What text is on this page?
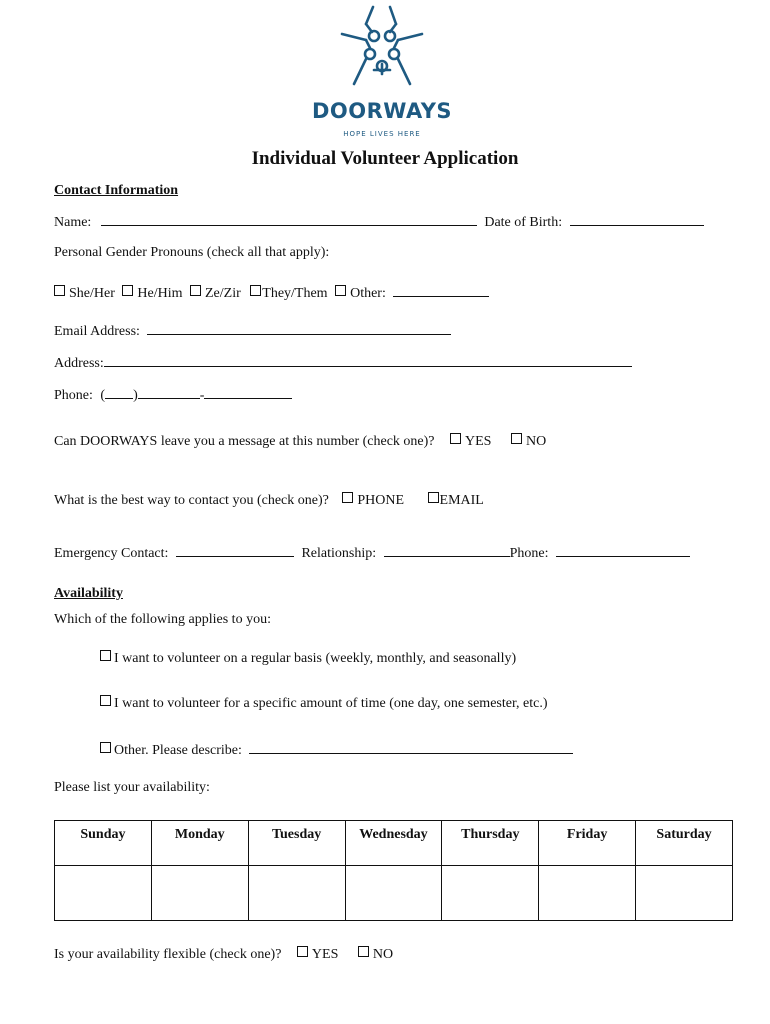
DOORWAYS
HOPE LIVES HERE
Individual Volunteer Application
Contact Information
Name:	Date of Birth:
Personal Gender Pronouns (check all that apply):
She/Her He/Him Ze/Zir They/Them Other:
Email Address:
Address:
Phone: ( )	-
Can DOORWAYS leave you a message at this number (check one)? YES NO
What is the best way to contact you (check one)? PHONE	EMAIL
Emergency Contact:	Relationship:	Phone:
Availability
Which of the following applies to you:
I want to volunteer on a regular basis (weekly, monthly, and seasonally)
I want to volunteer for a specific amount of time (one day, one semester, etc.)
Other. Please describe:
Please list your availability:
Sunday	Monday	Tuesday	Wednesday	Thursday	Friday	Saturday

Is your availability flexible (check one)? YES NO
